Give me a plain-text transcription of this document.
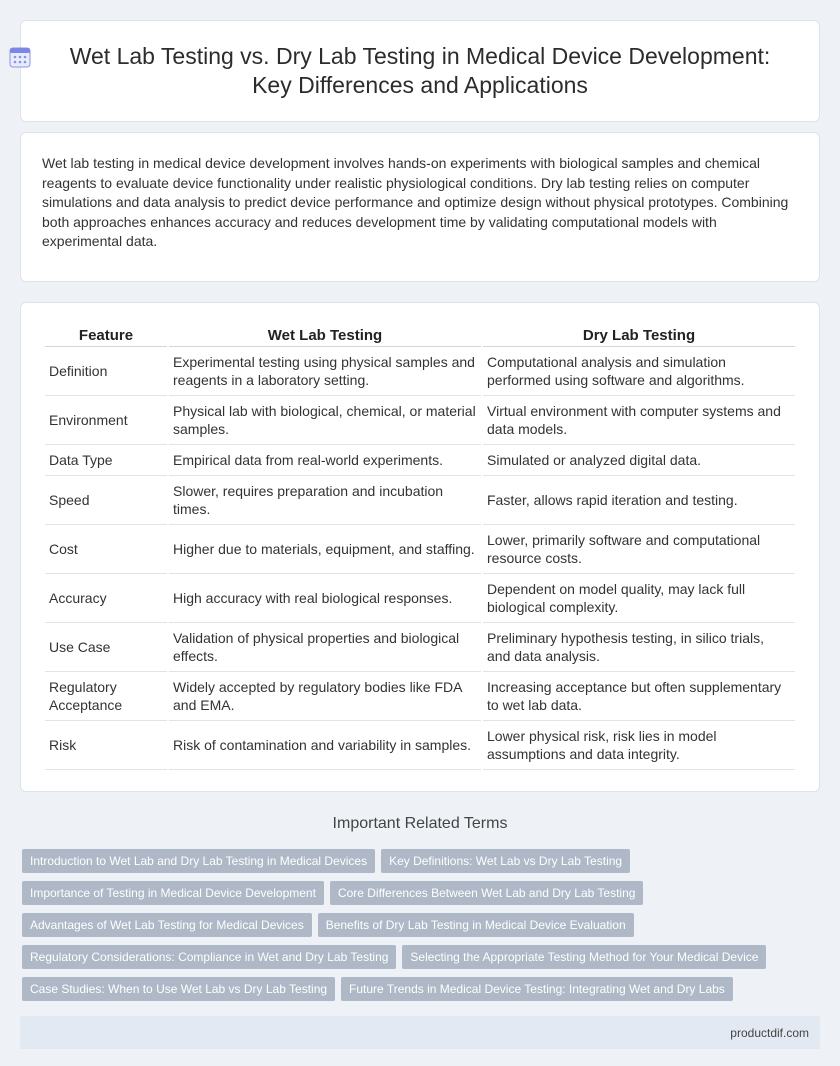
Wet Lab Testing vs. Dry Lab Testing in Medical Device Development: Key Differences and Applications

Wet lab testing in medical device development involves hands-on experiments with biological samples and chemical reagents to evaluate device functionality under realistic physiological conditions. Dry lab testing relies on computer simulations and data analysis to predict device performance and optimize design without physical prototypes. Combining both approaches enhances accuracy and reduces development time by validating computational models with experimental data.

Feature	Wet Lab Testing	Dry Lab Testing
Definition	Experimental testing using physical samples and reagents in a laboratory setting.	Computational analysis and simulation performed using software and algorithms.
Environment	Physical lab with biological, chemical, or material samples.	Virtual environment with computer systems and data models.
Data Type	Empirical data from real-world experiments.	Simulated or analyzed digital data.
Speed	Slower, requires preparation and incubation times.	Faster, allows rapid iteration and testing.
Cost	Higher due to materials, equipment, and staffing.	Lower, primarily software and computational resource costs.
Accuracy	High accuracy with real biological responses.	Dependent on model quality, may lack full biological complexity.
Use Case	Validation of physical properties and biological effects.	Preliminary hypothesis testing, in silico trials, and data analysis.
Regulatory Acceptance	Widely accepted by regulatory bodies like FDA and EMA.	Increasing acceptance but often supplementary to wet lab data.
Risk	Risk of contamination and variability in samples.	Lower physical risk, risk lies in model assumptions and data integrity.
Important Related Terms
Introduction to Wet Lab and Dry Lab Testing in Medical Devices	Key Definitions: Wet Lab vs Dry Lab Testing
Importance of Testing in Medical Device Development	Core Differences Between Wet Lab and Dry Lab Testing
Advantages of Wet Lab Testing for Medical Devices	Benefits of Dry Lab Testing in Medical Device Evaluation
Regulatory Considerations: Compliance in Wet and Dry Lab Testing	Selecting the Appropriate Testing Method for Your Medical Device
Case Studies: When to Use Wet Lab vs Dry Lab Testing	Future Trends in Medical Device Testing: Integrating Wet and Dry Labs
productdif.com
